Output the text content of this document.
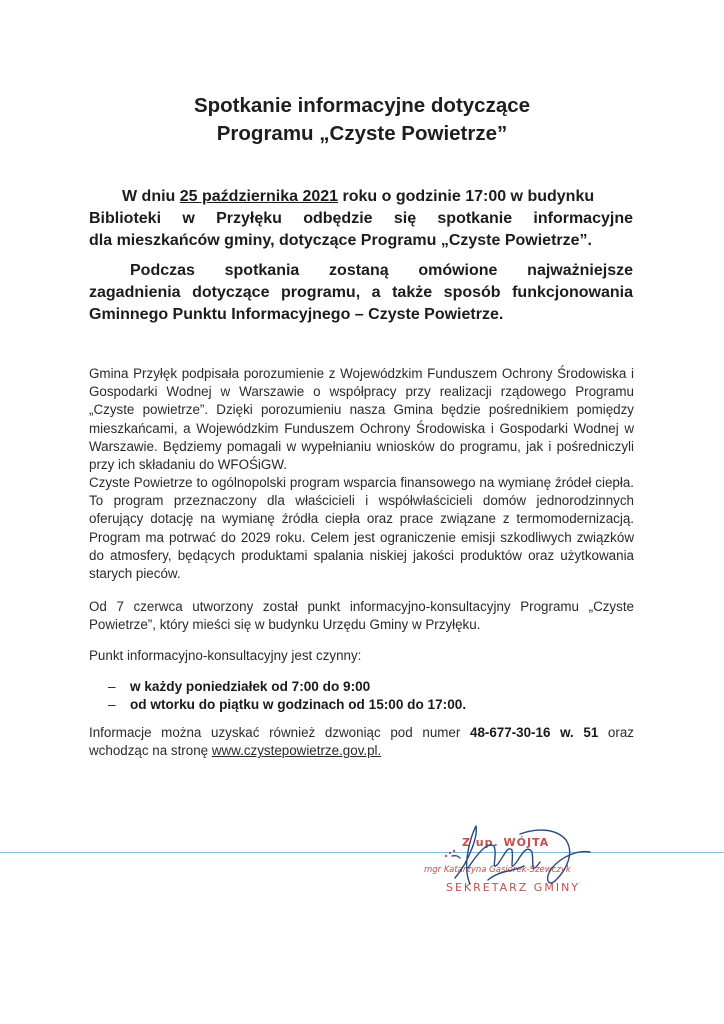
Spotkanie informacyjne dotyczące
Programu „Czyste Powietrze”
W dniu 25 października 2021 roku o godzinie 17:00 w budynku
Biblioteki w Przyłęku odbędzie się spotkanie informacyjne
dla mieszkańców gminy, dotyczące Programu „Czyste Powietrze”.
Podczas spotkania zostaną omówione najważniejsze
zagadnienia dotyczące programu, a także sposób funkcjonowania
Gminnego Punktu Informacyjnego – Czyste Powietrze.
Gmina Przyłęk podpisała porozumienie z Wojewódzkim Funduszem Ochrony Środowiska i Gospodarki Wodnej w Warszawie o współpracy przy realizacji rządowego Programu „Czyste powietrze”. Dzięki porozumieniu nasza Gmina będzie pośrednikiem pomiędzy mieszkańcami, a Wojewódzkim Funduszem Ochrony Środowiska i Gospodarki Wodnej w Warszawie. Będziemy pomagali w wypełnianiu wniosków do programu, jak i pośredniczyli przy ich składaniu do WFOŚiGW.
Czyste Powietrze to ogólnopolski program wsparcia finansowego na wymianę źródeł ciepła. To program przeznaczony dla właścicieli i współwłaścicieli domów jednorodzinnych oferujący dotację na wymianę źródła ciepła oraz prace związane z termomodernizacją. Program ma potrwać do 2029 roku. Celem jest ograniczenie emisji szkodliwych związków do atmosfery, będących produktami spalania niskiej jakości produktów oraz użytkowania starych pieców.
Od 7 czerwca utworzony został punkt informacyjno-konsultacyjny Programu „Czyste Powietrze”, który mieści się w budynku Urzędu Gminy w Przyłęku.
Punkt informacyjno-konsultacyjny jest czynny:
– w każdy poniedziałek od 7:00 do 9:00
– od wtorku do piątku w godzinach od 15:00 do 17:00.
Informacje można uzyskać również dzwoniąc pod numer 48-677-30-16 w. 51 oraz wchodząc na stronę www.czystepowietrze.gov.pl.
Z up. WÓJTA
mgr Katarzyna Gąsiorek-Szewczyk
SEKRETARZ GMINY
